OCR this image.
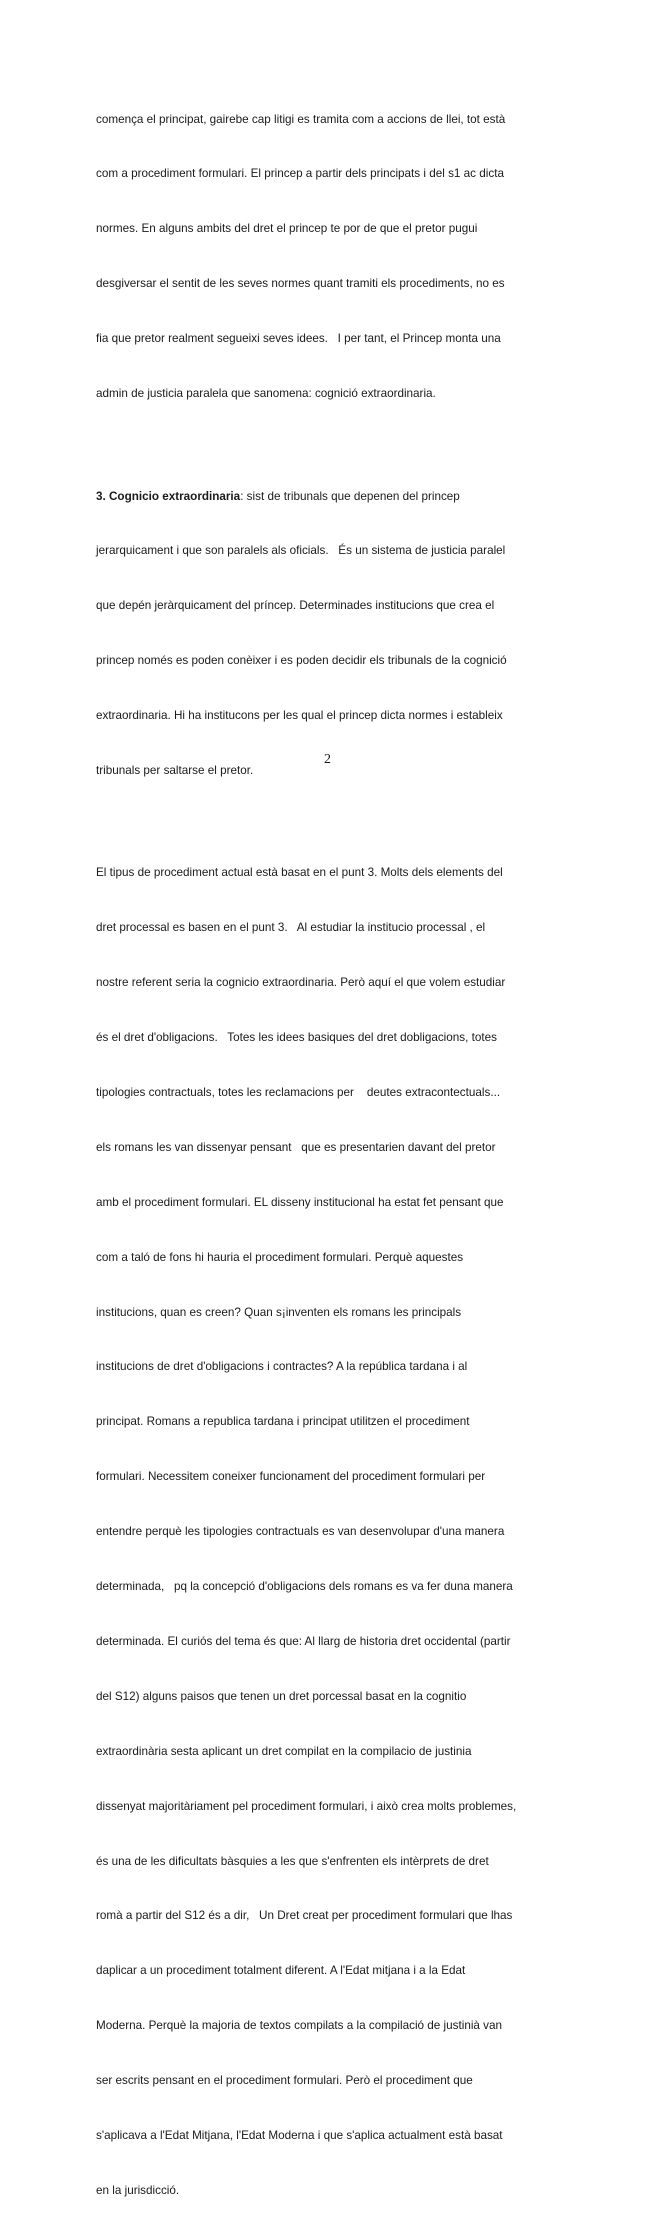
comença el principat, gairebe cap litigi es tramita com a accions de llei, tot està

com a procediment formulari. El princep a partir dels principats i del s1 ac dicta

normes. En alguns ambits del dret el princep te por de que el pretor pugui

desgiversar el sentit de les seves normes quant tramiti els procediments, no es

fia que pretor realment segueixi seves idees.   I per tant, el Princep monta una

admin de justicia paralela que sanomena: cognició extraordinaria.

3. Cognicio extraordinaria: sist de tribunals que depenen del princep

jerarquicament i que son paralels als oficials.   És un sistema de justicia paralel

que depén jeràrquicament del príncep. Determinades institucions que crea el

princep només es poden conèixer i es poden decidir els tribunals de la cognició

extraordinaria. Hi ha institucons per les qual el princep dicta normes i estableix

tribunals per saltarse el pretor.

El tipus de procediment actual està basat en el punt 3. Molts dels elements del

dret processal es basen en el punt 3.   Al estudiar la institucio processal , el

nostre referent seria la cognicio extraordinaria. Però aquí el que volem estudiar

és el dret d'obligacions.   Totes les idees basiques del dret dobligacions, totes

tipologies contractuals, totes les reclamacions per    deutes extracontectuals...

els romans les van dissenyar pensant   que es presentarien davant del pretor

amb el procediment formulari. EL disseny institucional ha estat fet pensant que

com a taló de fons hi hauria el procediment formulari. Perquè aquestes

institucions, quan es creen? Quan s¡inventen els romans les principals

institucions de dret d'obligacions i contractes? A la república tardana i al

principat. Romans a republica tardana i principat utilitzen el procediment

formulari. Necessitem coneixer funcionament del procediment formulari per

entendre perquè les tipologies contractuals es van desenvolupar d'una manera

determinada,   pq la concepció d'obligacions dels romans es va fer duna manera

determinada. El curiós del tema és que: Al llarg de historia dret occidental (partir

del S12) alguns paisos que tenen un dret porcessal basat en la cognitio

extraordinària sesta aplicant un dret compilat en la compilacio de justinia

dissenyat majoritàriament pel procediment formulari, i això crea molts problemes,

és una de les dificultats bàsquies a les que s'enfrenten els intèrprets de dret

romà a partir del S12 és a dir,   Un Dret creat per procediment formulari que lhas

daplicar a un procediment totalment diferent. A l'Edat mitjana i a la Edat

Moderna. Perquè la majoria de textos compilats a la compilació de justinià van

ser escrits pensant en el procediment formulari. Però el procediment que

s'aplicava a l'Edat Mitjana, l'Edat Moderna i que s'aplica actualment està basat

en la jurisdicció.

2
